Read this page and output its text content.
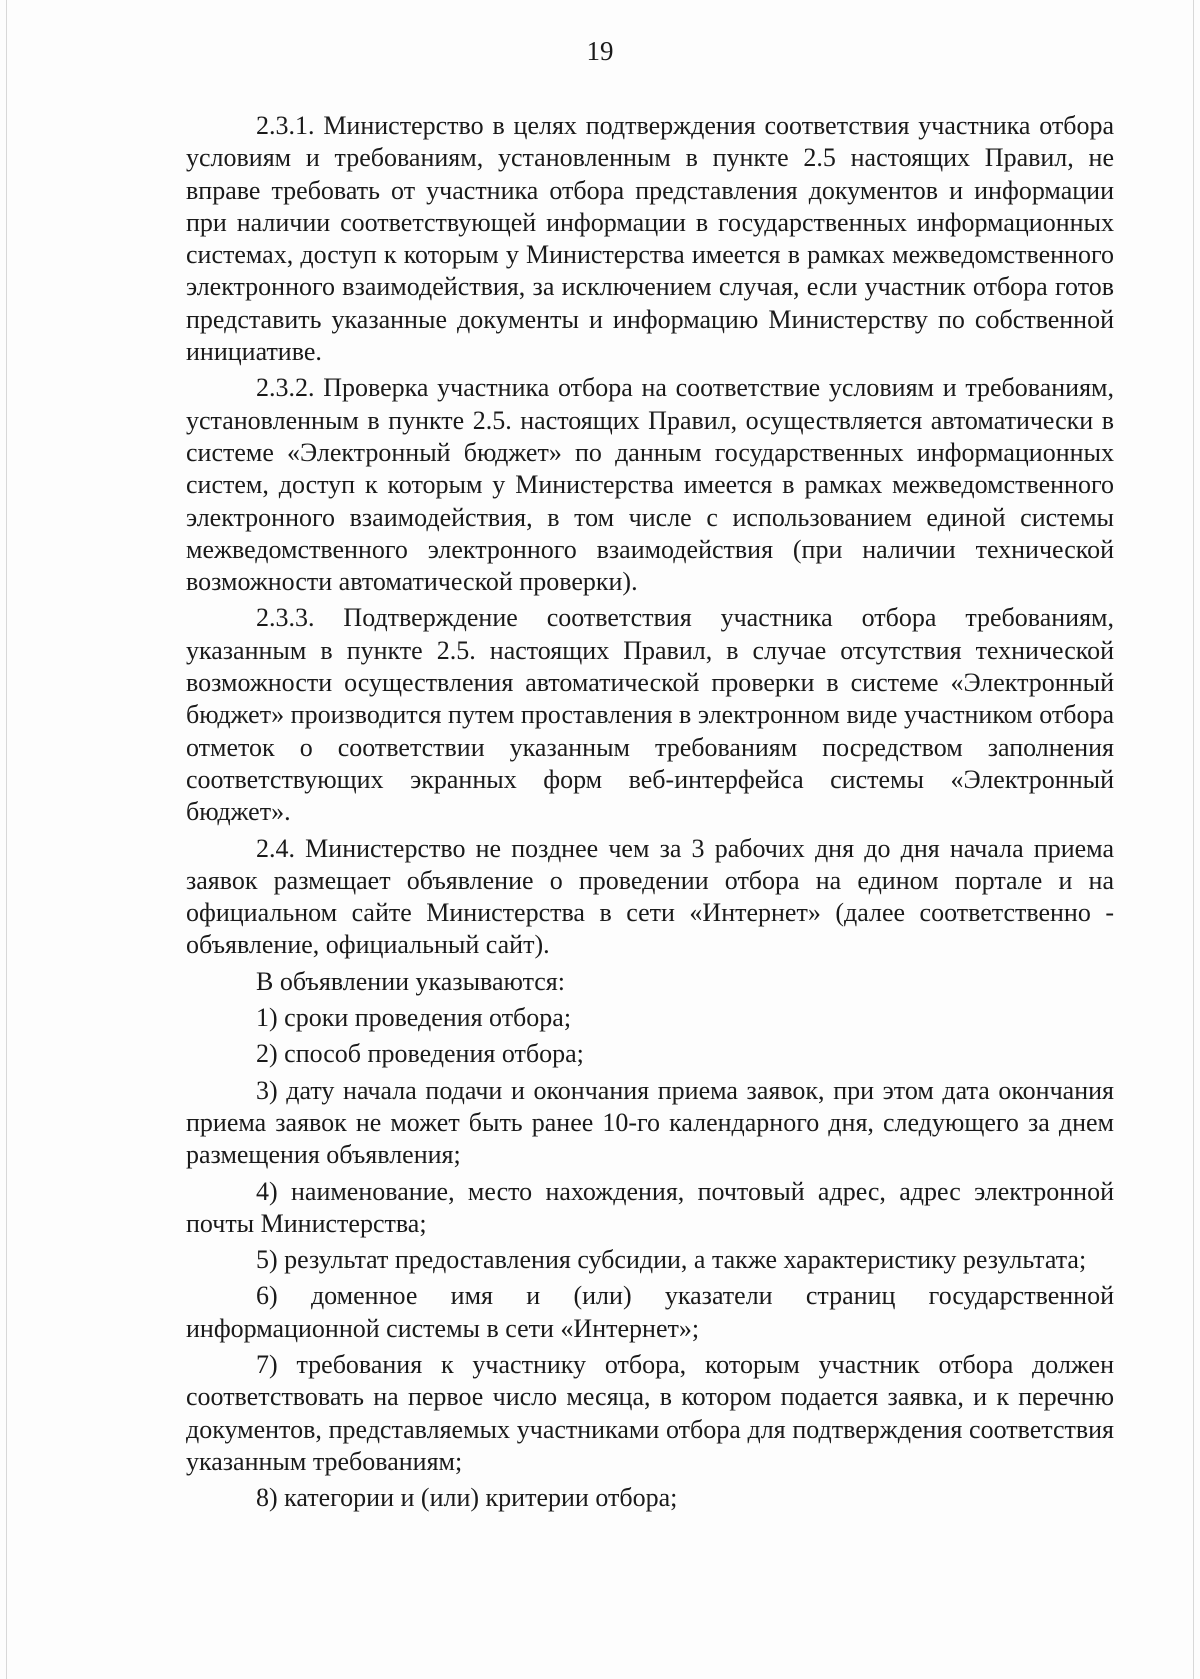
19

2.3.1. Министерство в целях подтверждения соответствия участника отбора условиям и требованиям, установленным в пункте 2.5 настоящих Правил, не вправе требовать от участника отбора представления документов и информации при наличии соответствующей информации в государственных информационных системах, доступ к которым у Министерства имеется в рамках межведомственного электронного взаимодействия, за исключением случая, если участник отбора готов представить указанные документы и информацию Министерству по собственной инициативе.

2.3.2. Проверка участника отбора на соответствие условиям и требованиям, установленным в пункте 2.5. настоящих Правил, осуществляется автоматически в системе «Электронный бюджет» по данным государственных информационных систем, доступ к которым у Министерства имеется в рамках межведомственного электронного взаимодействия, в том числе с использованием единой системы межведомственного электронного взаимодействия (при наличии технической возможности автоматической проверки).

2.3.3. Подтверждение соответствия участника отбора требованиям, указанным в пункте 2.5. настоящих Правил, в случае отсутствия технической возможности осуществления автоматической проверки в системе «Электронный бюджет» производится путем проставления в электронном виде участником отбора отметок о соответствии указанным требованиям посредством заполнения соответствующих экранных форм веб-интерфейса системы «Электронный бюджет».

2.4. Министерство не позднее чем за 3 рабочих дня до дня начала приема заявок размещает объявление о проведении отбора на едином портале и на официальном сайте Министерства в сети «Интернет» (далее соответственно - объявление, официальный сайт).

В объявлении указываются:

1) сроки проведения отбора;

2) способ проведения отбора;

3) дату начала подачи и окончания приема заявок, при этом дата окончания приема заявок не может быть ранее 10-го календарного дня, следующего за днем размещения объявления;

4) наименование, место нахождения, почтовый адрес, адрес электронной почты Министерства;

5) результат предоставления субсидии, а также характеристику результата;

6) доменное имя и (или) указатели страниц государственной информационной системы в сети «Интернет»;

7) требования к участнику отбора, которым участник отбора должен соответствовать на первое число месяца, в котором подается заявка, и к перечню документов, представляемых участниками отбора для подтверждения соответствия указанным требованиям;

8) категории и (или) критерии отбора;
